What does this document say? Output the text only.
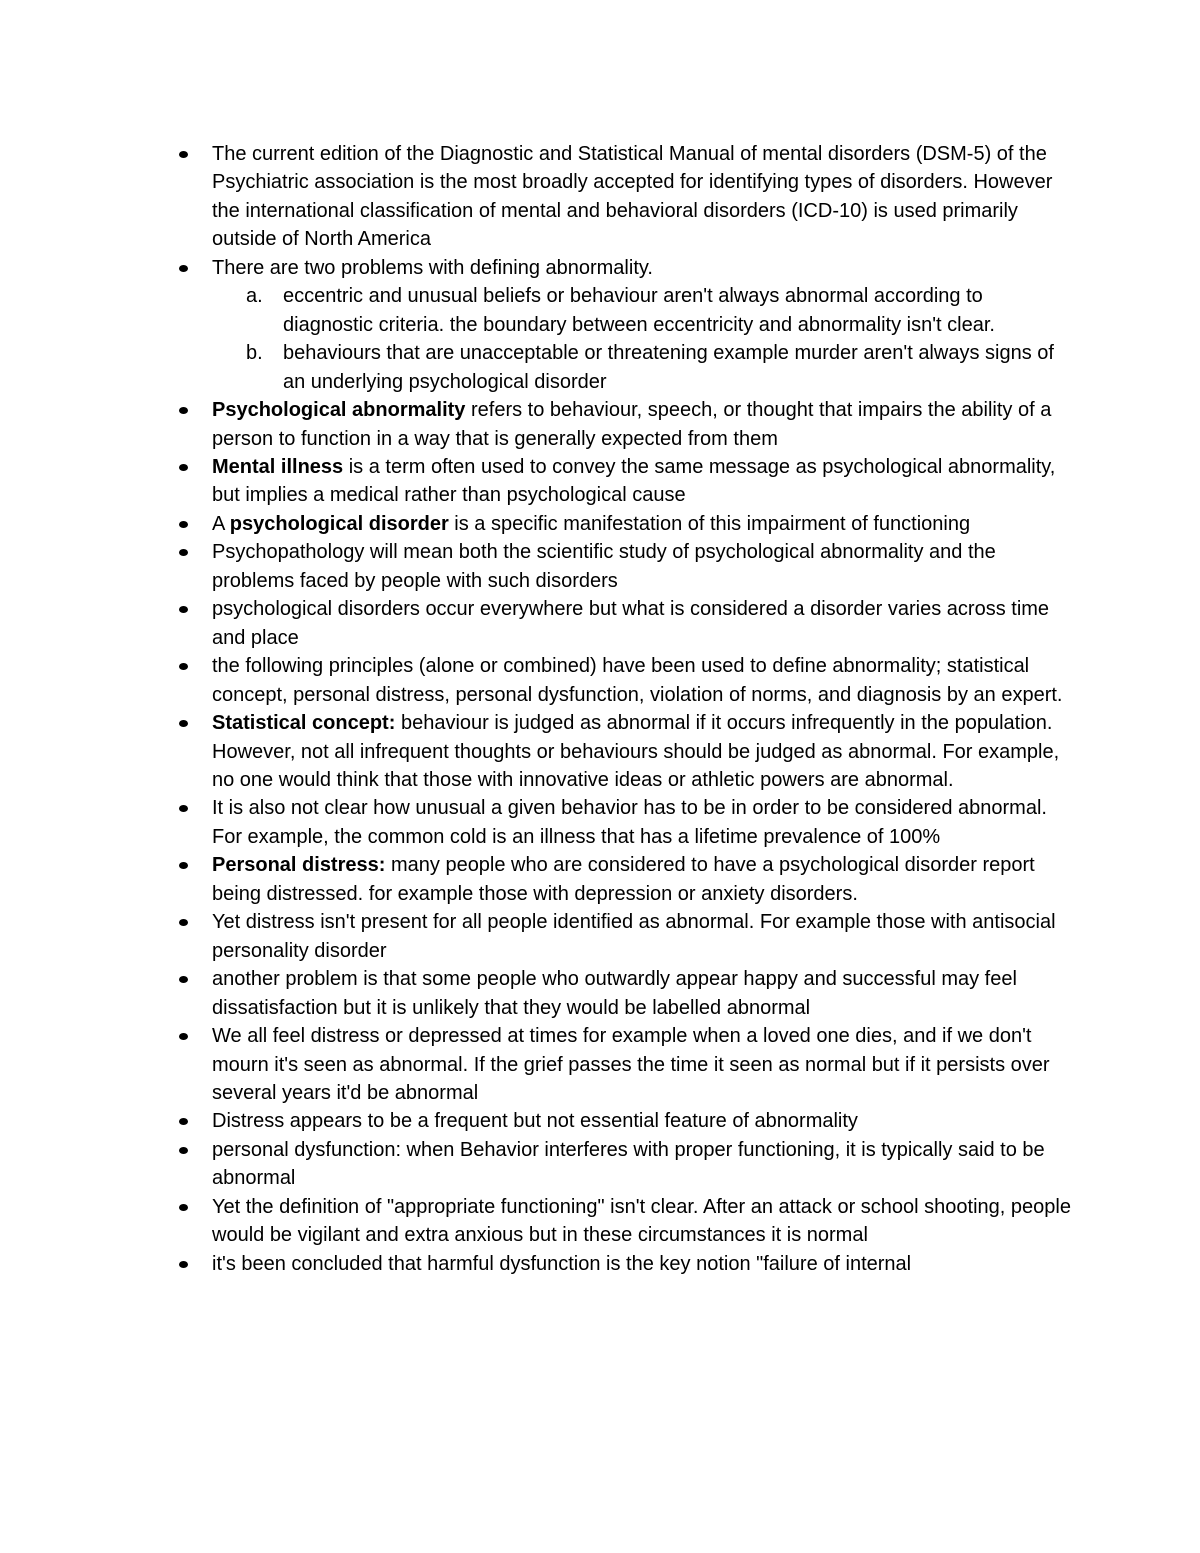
The current edition of the Diagnostic and Statistical Manual of mental disorders (DSM-5) of the Psychiatric association is the most broadly accepted for identifying types of disorders. However the international classification of mental and behavioral disorders (ICD-10) is used primarily outside of North America
There are two problems with defining abnormality.
a. eccentric and unusual beliefs or behaviour aren't always abnormal according to diagnostic criteria. the boundary between eccentricity and abnormality isn't clear.
b. behaviours that are unacceptable or threatening example murder aren't always signs of an underlying psychological disorder
Psychological abnormality refers to behaviour, speech, or thought that impairs the ability of a person to function in a way that is generally expected from them
Mental illness is a term often used to convey the same message as psychological abnormality, but implies a medical rather than psychological cause
A psychological disorder is a specific manifestation of this impairment of functioning
Psychopathology will mean both the scientific study of psychological abnormality and the problems faced by people with such disorders
psychological disorders occur everywhere but what is considered a disorder varies across time and place
the following principles (alone or combined) have been used to define abnormality; statistical concept, personal distress, personal dysfunction, violation of norms, and diagnosis by an expert.
Statistical concept: behaviour is judged as abnormal if it occurs infrequently in the population. However, not all infrequent thoughts or behaviours should be judged as abnormal. For example, no one would think that those with innovative ideas or athletic powers are abnormal.
It is also not clear how unusual a given behavior has to be in order to be considered abnormal. For example, the common cold is an illness that has a lifetime prevalence of 100%
Personal distress: many people who are considered to have a psychological disorder report being distressed. for example those with depression or anxiety disorders.
Yet distress isn't present for all people identified as abnormal. For example those with antisocial personality disorder
another problem is that some people who outwardly appear happy and successful may feel dissatisfaction but it is unlikely that they would be labelled abnormal
We all feel distress or depressed at times for example when a loved one dies, and if we don't mourn it's seen as abnormal. If the grief passes the time it seen as normal but if it persists over several years it'd be abnormal
Distress appears to be a frequent but not essential feature of abnormality
personal dysfunction: when Behavior interferes with proper functioning, it is typically said to be abnormal
Yet the definition of "appropriate functioning" isn't clear. After an attack or school shooting, people would be vigilant and extra anxious but in these circumstances it is normal
it's been concluded that harmful dysfunction is the key notion "failure of internal
